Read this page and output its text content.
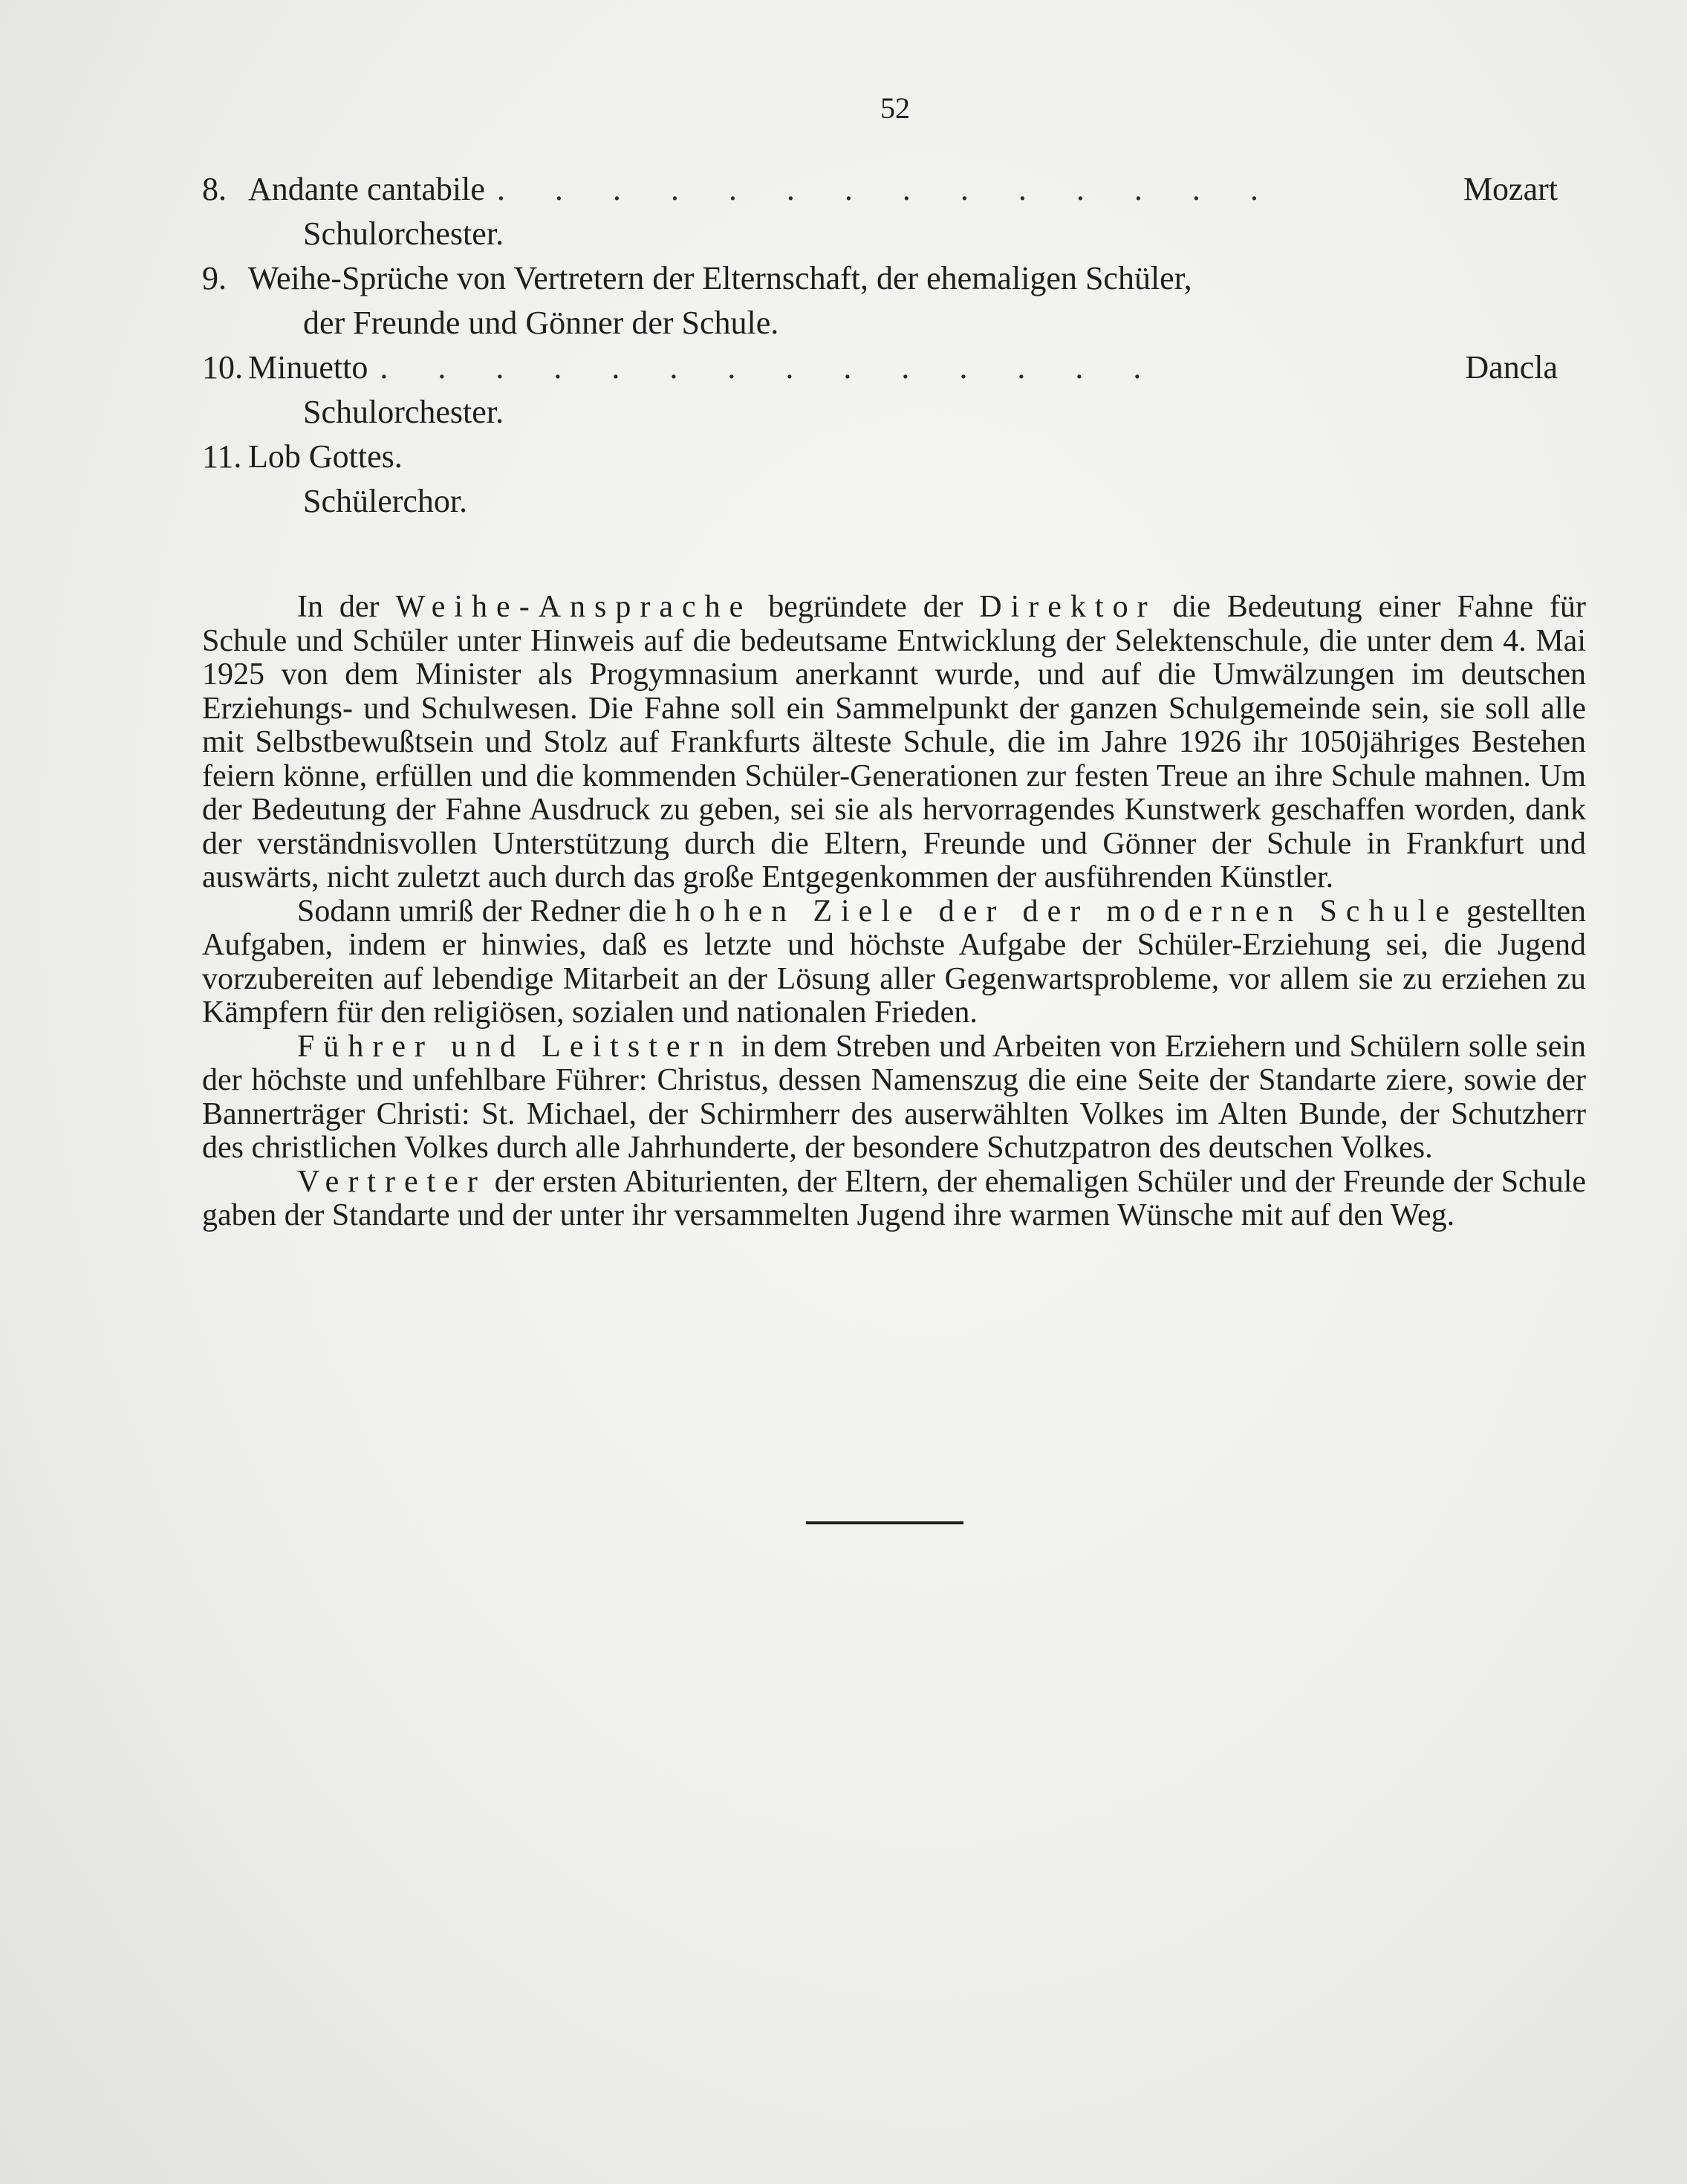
52
8. Andante cantabile . . . . . . . . . . . . . .	Mozart
Schulorchester.
9. Weihe-Sprüche von Vertretern der Elternschaft, der ehemaligen Schüler,
der Freunde und Gönner der Schule.
10. Minuetto . . . . . . . . . . . . . .	Dancla
Schulorchester.
11. Lob Gottes.
Schülerchor.

In der Weihe-Ansprache begründete der Direktor die Bedeutung einer Fahne für Schule und Schüler unter Hinweis auf die bedeutsame Entwicklung der Selektenschule, die unter dem 4. Mai 1925 von dem Minister als Progymnasium anerkannt wurde, und auf die Umwälzungen im deutschen Erziehungs- und Schulwesen. Die Fahne soll ein Sammelpunkt der ganzen Schulgemeinde sein, sie soll alle mit Selbstbewußtsein und Stolz auf Frankfurts älteste Schule, die im Jahre 1926 ihr 1050jähriges Bestehen feiern könne, erfüllen und die kommenden Schüler-Generationen zur festen Treue an ihre Schule mahnen. Um der Bedeutung der Fahne Ausdruck zu geben, sei sie als hervorragendes Kunstwerk geschaffen worden, dank der verständnisvollen Unterstützung durch die Eltern, Freunde und Gönner der Schule in Frankfurt und auswärts, nicht zuletzt auch durch das große Entgegenkommen der ausführenden Künstler.

Sodann umriß der Redner die hohen Ziele der der modernen Schule gestellten Aufgaben, indem er hinwies, daß es letzte und höchste Aufgabe der Schüler-Erziehung sei, die Jugend vorzubereiten auf lebendige Mitarbeit an der Lösung aller Gegenwartsprobleme, vor allem sie zu erziehen zu Kämpfern für den religiösen, sozialen und nationalen Frieden.

Führer und Leitstern in dem Streben und Arbeiten von Erziehern und Schülern solle sein der höchste und unfehlbare Führer: Christus, dessen Namenszug die eine Seite der Standarte ziere, sowie der Bannerträger Christi: St. Michael, der Schirmherr des auserwählten Volkes im Alten Bunde, der Schutzherr des christlichen Volkes durch alle Jahrhunderte, der besondere Schutzpatron des deutschen Volkes.

Vertreter der ersten Abiturienten, der Eltern, der ehemaligen Schüler und der Freunde der Schule gaben der Standarte und der unter ihr versammelten Jugend ihre warmen Wünsche mit auf den Weg.
